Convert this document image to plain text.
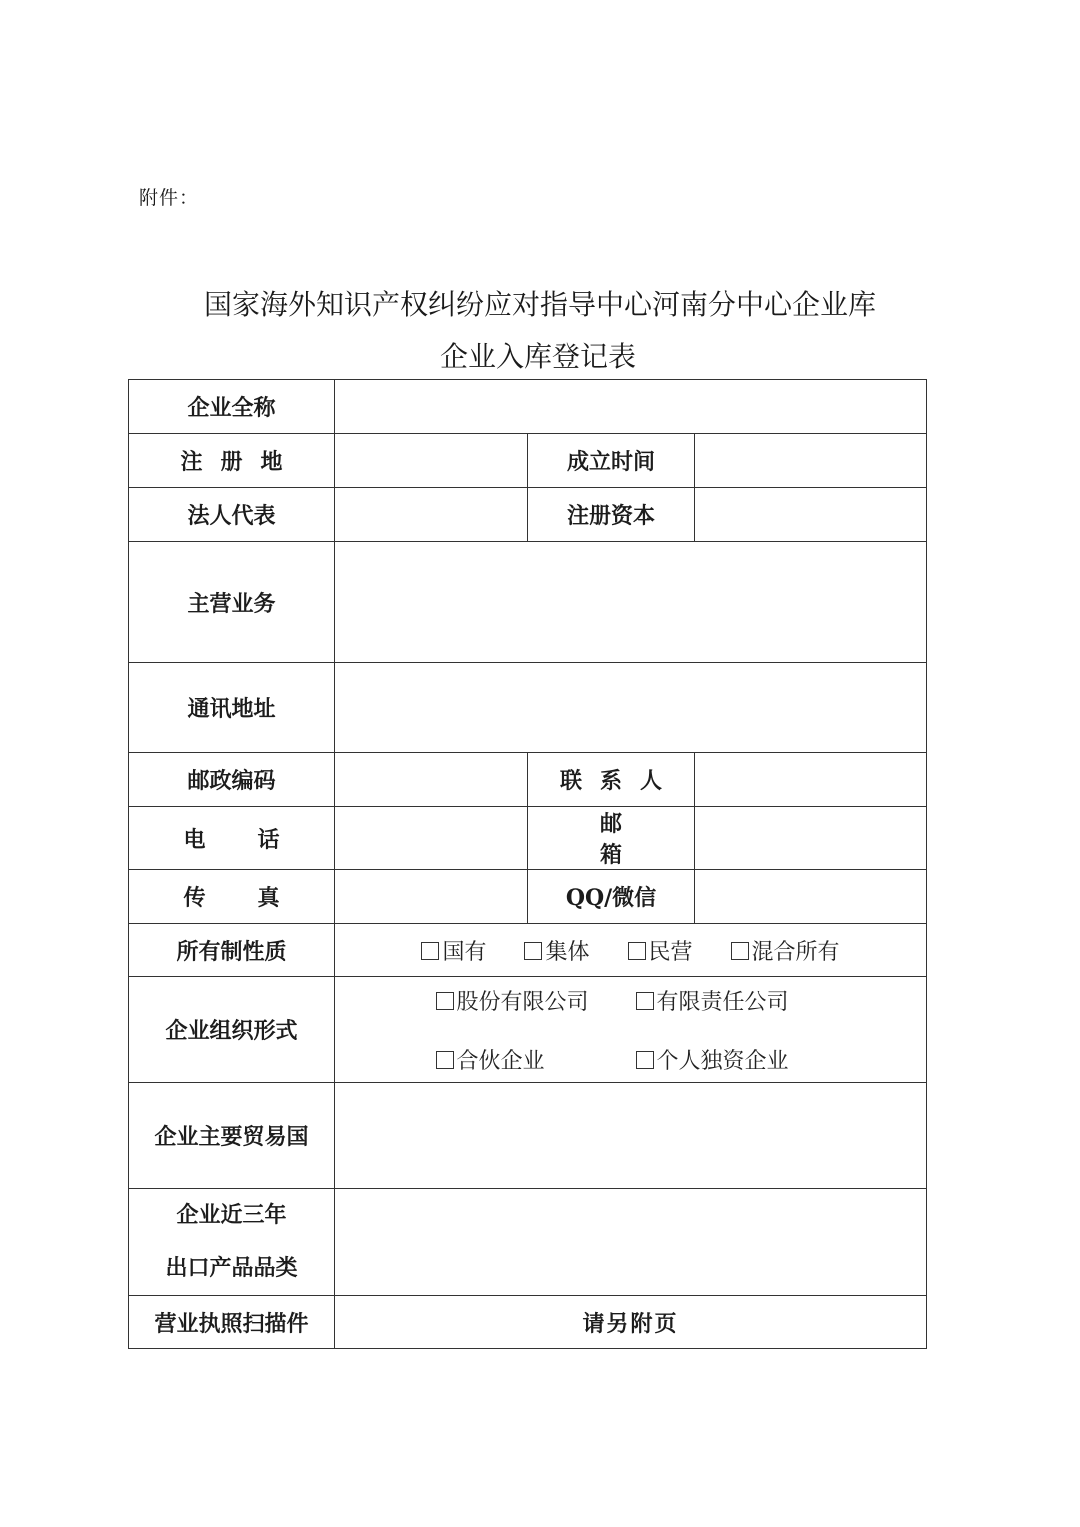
附件：
国家海外知识产权纠纷应对指导中心河南分中心企业库
企业入库登记表
企业全称			
注册地		成立时间	
法人代表		注册资本	
主营业务			
通讯地址			
邮政编码		联系人	
电话		邮箱	
传真		QQ/微信	
所有制性质	国有 集体 民营 混合所有		

企业组织形式	股份有限公司 有限责任公司
合伙企业 个人独资企业		

企业主要贸易国			

企业近三年
出口产品品类			

营业执照扫描件	请另附页		
